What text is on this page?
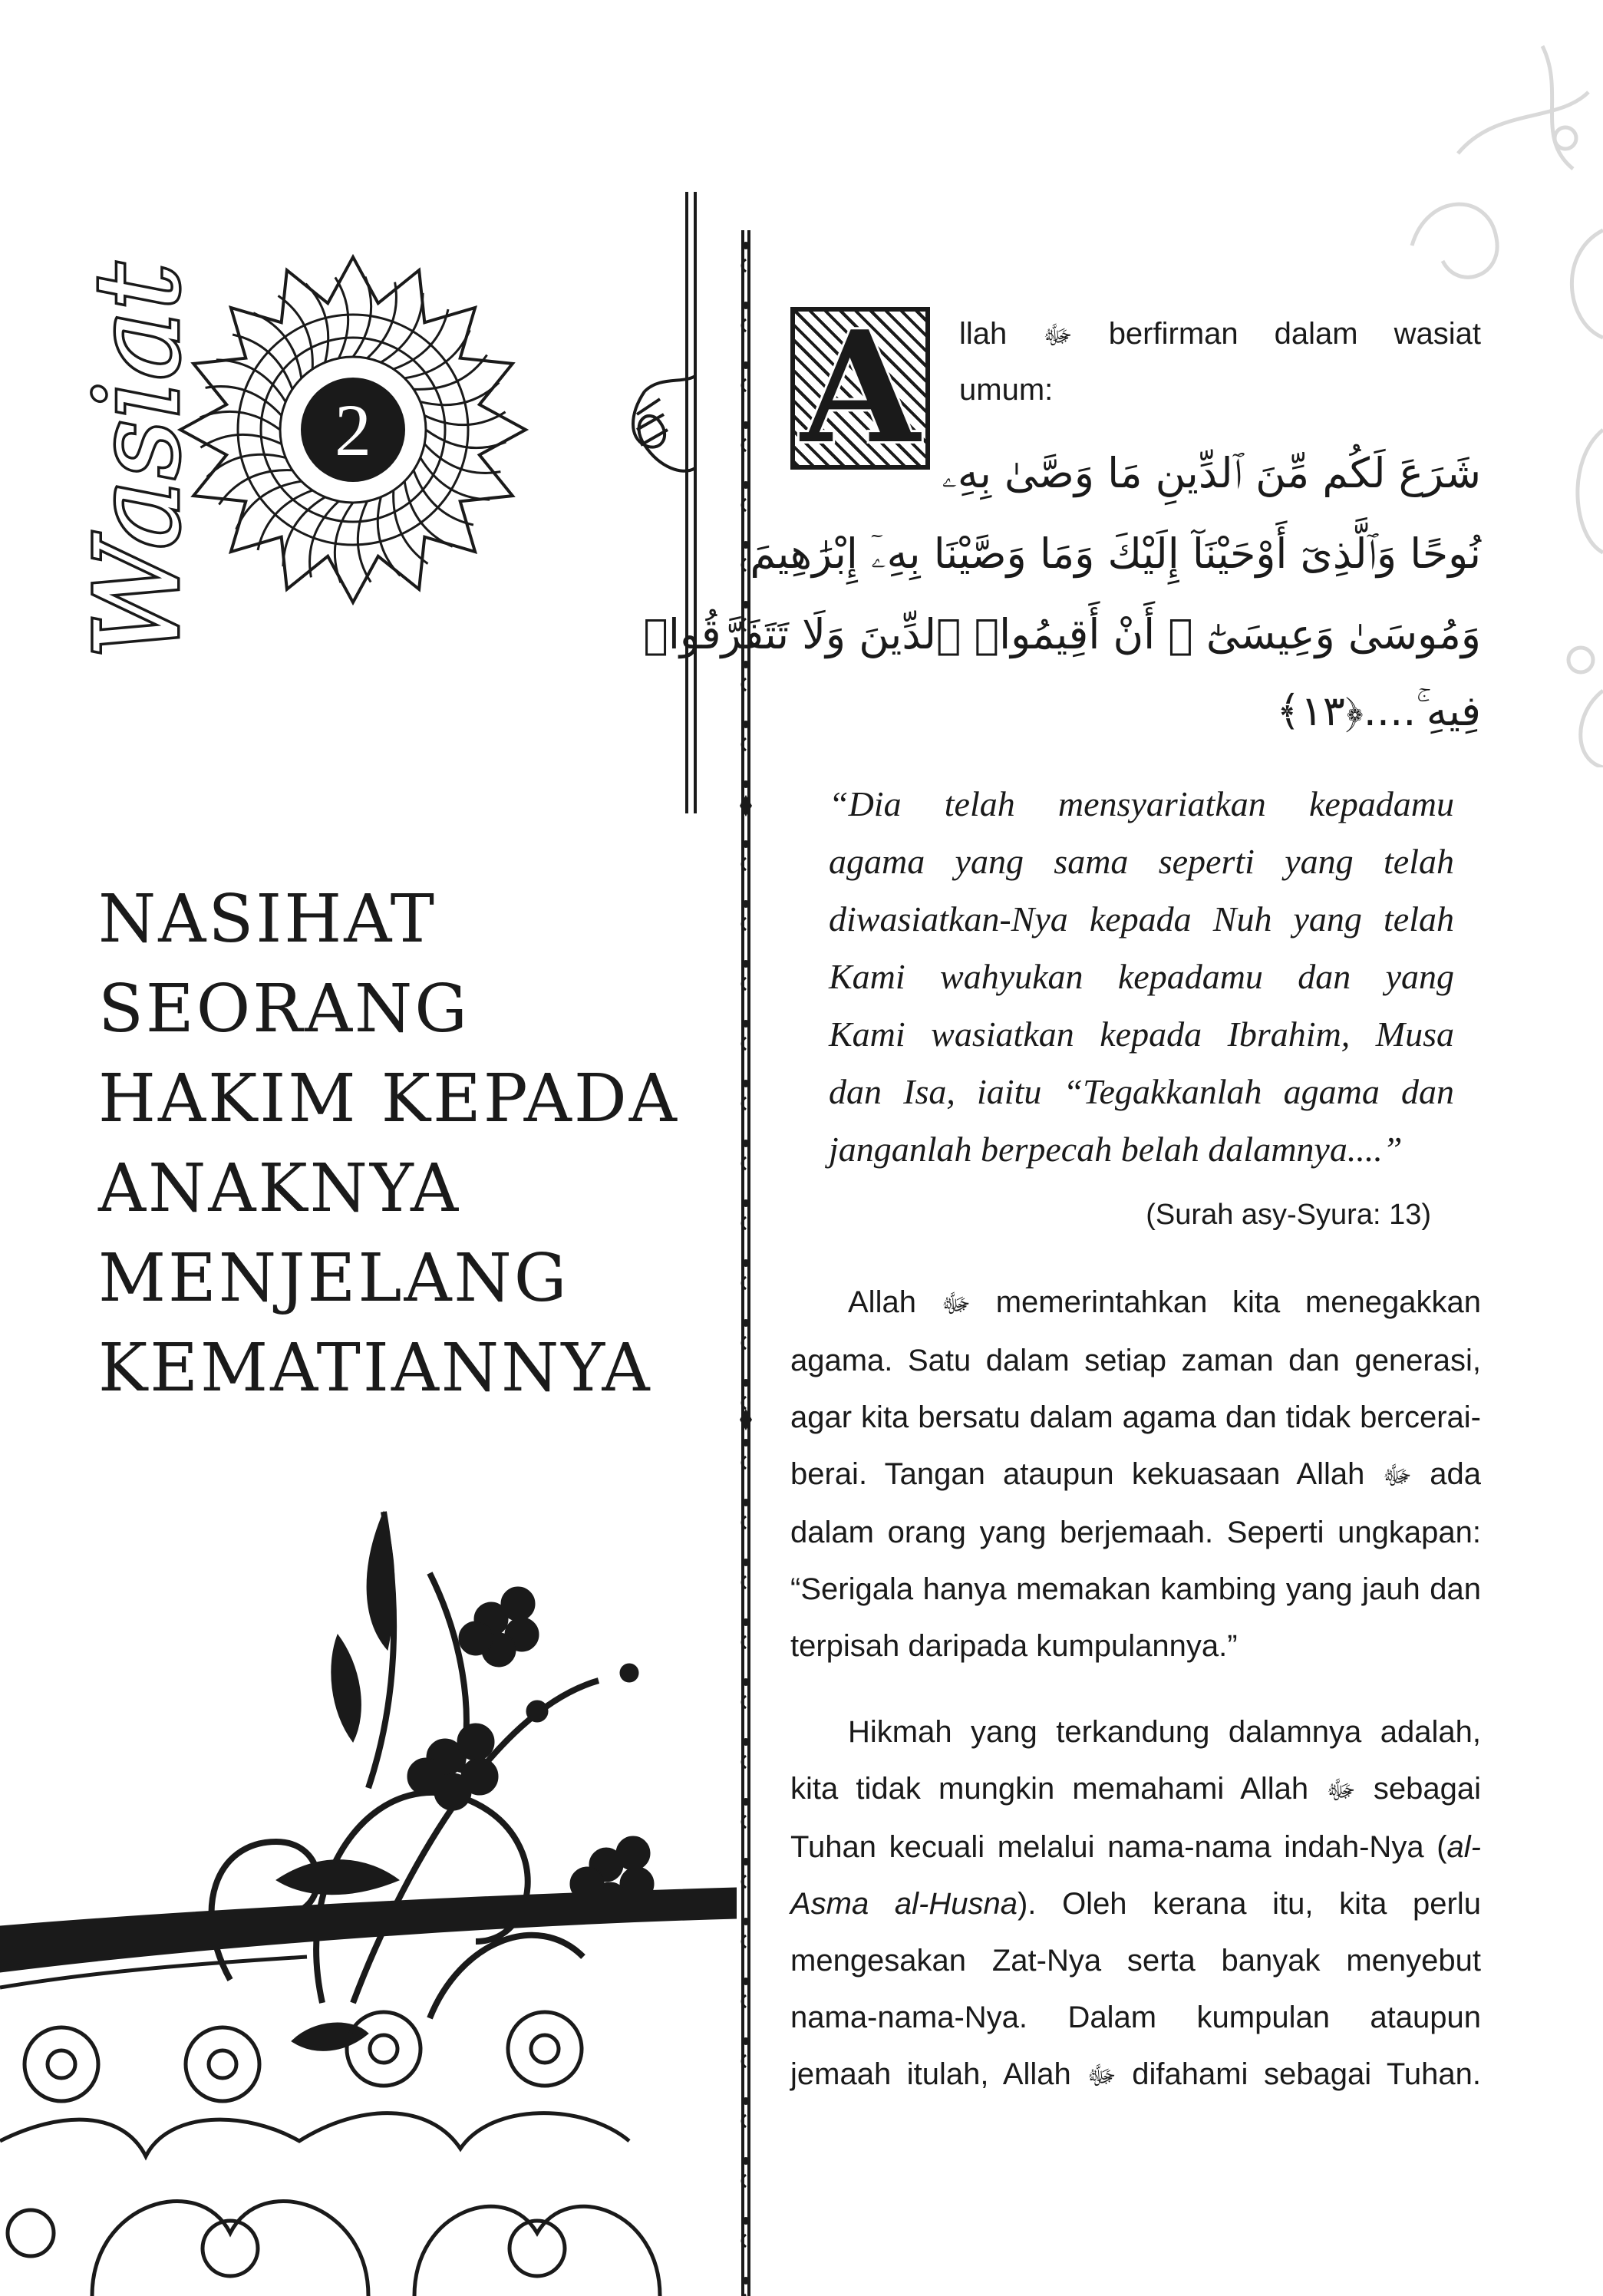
Wasiat	2
NASIHAT
SEORANG
HAKIM KEPADA
ANAKNYA
MENJELANG
KEMATIANNYA
A llah ﷻ berfirman dalam wasiat
umum:
شَرَعَ لَكُم مِّنَ ٱلدِّينِ مَا وَصَّىٰ بِهِۦ
نُوحًا وَٱلَّذِىٓ أَوْحَيْنَآ إِلَيْكَ وَمَا وَصَّيْنَا بِهِۦٓ إِبْرَٰهِيمَ
وَمُوسَىٰ وَعِيسَىٰٓ ۖ أَنْ أَقِيمُوا۟ ٱلدِّينَ وَلَا تَتَفَرَّقُوا۟
فِيهِ ۚ....﴿١٣﴾
“Dia telah mensyariatkan kepadamu
agama yang sama seperti yang telah
diwasiatkan-Nya kepada Nuh yang telah
Kami wahyukan kepadamu dan yang
Kami wasiatkan kepada Ibrahim, Musa
dan Isa, iaitu “Tegakkanlah agama dan
janganlah berpecah belah dalamnya....”
(Surah asy-Syura: 13)
Allah ﷻ memerintahkan kita menegakkan
agama. Satu dalam setiap zaman dan generasi,
agar kita bersatu dalam agama dan tidak bercerai-
berai. Tangan ataupun kekuasaan Allah ﷻ ada
dalam orang yang berjemaah. Seperti ungkapan:
“Serigala hanya memakan kambing yang jauh dan
terpisah daripada kumpulannya.”
Hikmah yang terkandung dalamnya adalah,
kita tidak mungkin memahami Allah ﷻ sebagai
Tuhan kecuali melalui nama-nama indah-Nya (al-
Asma al-Husna). Oleh kerana itu, kita perlu
mengesakan Zat-Nya serta banyak menyebut
nama-nama-Nya. Dalam kumpulan ataupun
jemaah itulah, Allah ﷻ difahami sebagai Tuhan.
